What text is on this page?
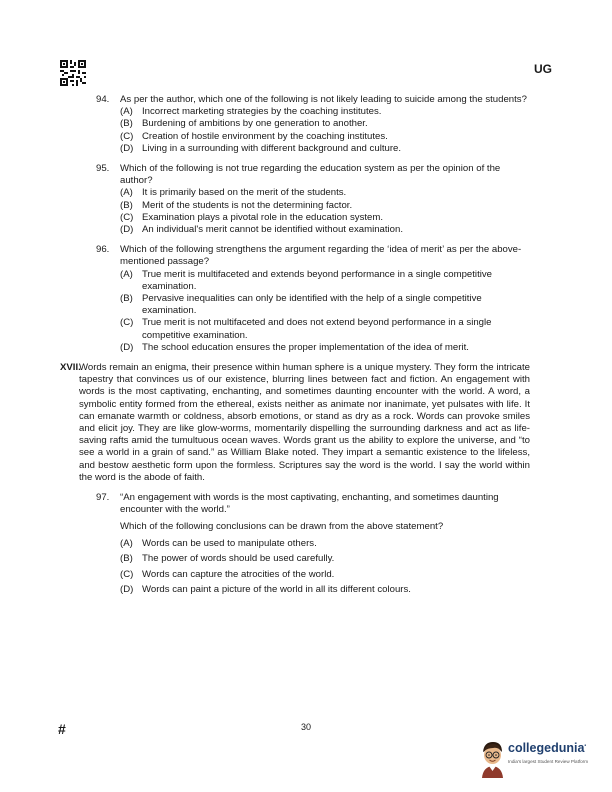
UG
94. As per the author, which one of the following is not likely leading to suicide among the students?

(A) Incorrect marketing strategies by the coaching institutes.
(B) Burdening of ambitions by one generation to another.
(C) Creation of hostile environment by the coaching institutes.
(D) Living in a surrounding with different background and culture.
95. Which of the following is not true regarding the education system as per the opinion of the author?

(A) It is primarily based on the merit of the students.
(B) Merit of the students is not the determining factor.
(C) Examination plays a pivotal role in the education system.
(D) An individual's merit cannot be identified without examination.
96. Which of the following strengthens the argument regarding the ‘idea of merit’ as per the above-mentioned passage?

(A) True merit is multifaceted and extends beyond performance in a single competitive examination.
(B) Pervasive inequalities can only be identified with the help of a single competitive examination.
(C) True merit is not multifaceted and does not extend beyond performance in a single competitive examination.
(D) The school education ensures the proper implementation of the idea of merit.
XVII.
Words remain an enigma, their presence within human sphere is a unique mystery. They form the intricate tapestry that convinces us of our existence, blurring lines between fact and fiction. An engagement with words is the most captivating, enchanting, and sometimes daunting encounter with the world. A word, a symbolic entity formed from the ethereal, exists neither as animate nor inanimate, yet pulsates with life. It can emanate warmth or coldness, absorb emotions, or stand as dry as a rock. Words can provoke smiles and elicit joy. They are like glow-worms, momentarily dispelling the surrounding darkness and act as life-saving rafts amid the tumultuous ocean waves. Words grant us the ability to explore the universe, and “to see a world in a grain of sand.” as William Blake noted. They impart a semantic existence to the lifeless, and bestow aesthetic form upon the formless. Scriptures say the word is the world. I say the world within the word is the abode of faith.
97. “An engagement with words is the most captivating, enchanting, and sometimes daunting encounter with the world.”

Which of the following conclusions can be drawn from the above statement?

(A) Words can be used to manipulate others.
(B) The power of words should be used carefully.
(C) Words can capture the atrocities of the world.
(D) Words can paint a picture of the world in all its different colours.
#	30
collegedunia•
India's largest Student Review Platform
